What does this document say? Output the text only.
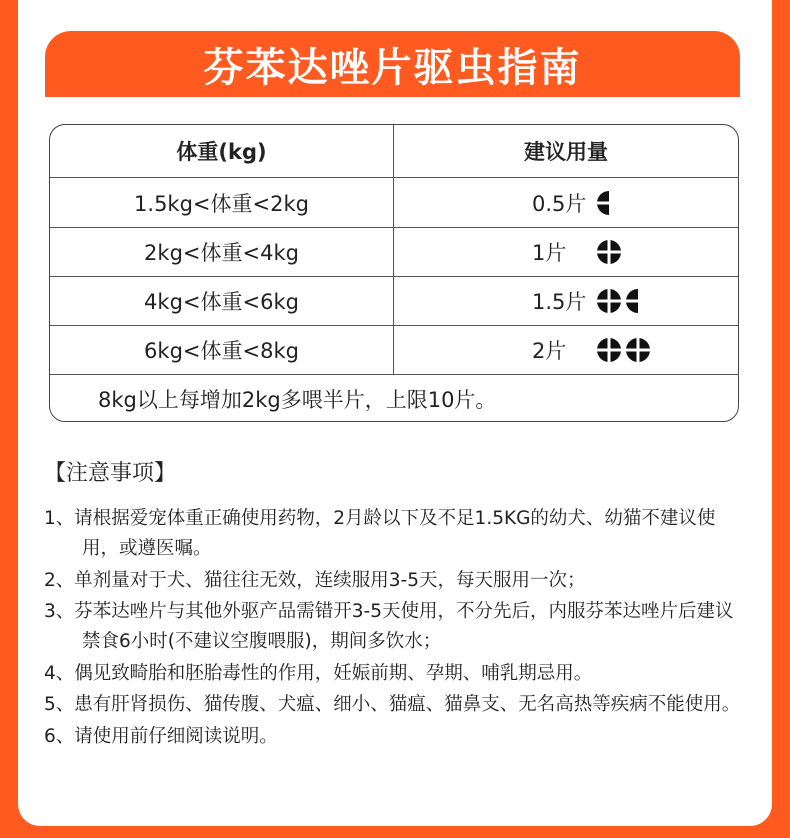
芬苯达唑片驱虫指南
体重(kg)	建议用量
1.5kg<体重<2kg	0.5片
2kg<体重<4kg	1片
4kg<体重<6kg	1.5片
6kg<体重<8kg	2片
8kg以上每增加2kg多喂半片，上限10片。
【注意事项】
1、请根据爱宠体重正确使用药物，2月龄以下及不足1.5KG的幼犬、幼猫不建议使用，或遵医嘱。
2、单剂量对于犬、猫往往无效，连续服用3-5天，每天服用一次；
3、芬苯达唑片与其他外驱产品需错开3-5天使用，不分先后，内服芬苯达唑片后建议禁食6小时(不建议空腹喂服)，期间多饮水；
4、偶见致畸胎和胚胎毒性的作用，妊娠前期、孕期、哺乳期忌用。
5、患有肝肾损伤、猫传腹、犬瘟、细小、猫瘟、猫鼻支、无名高热等疾病不能使用。
6、请使用前仔细阅读说明。
